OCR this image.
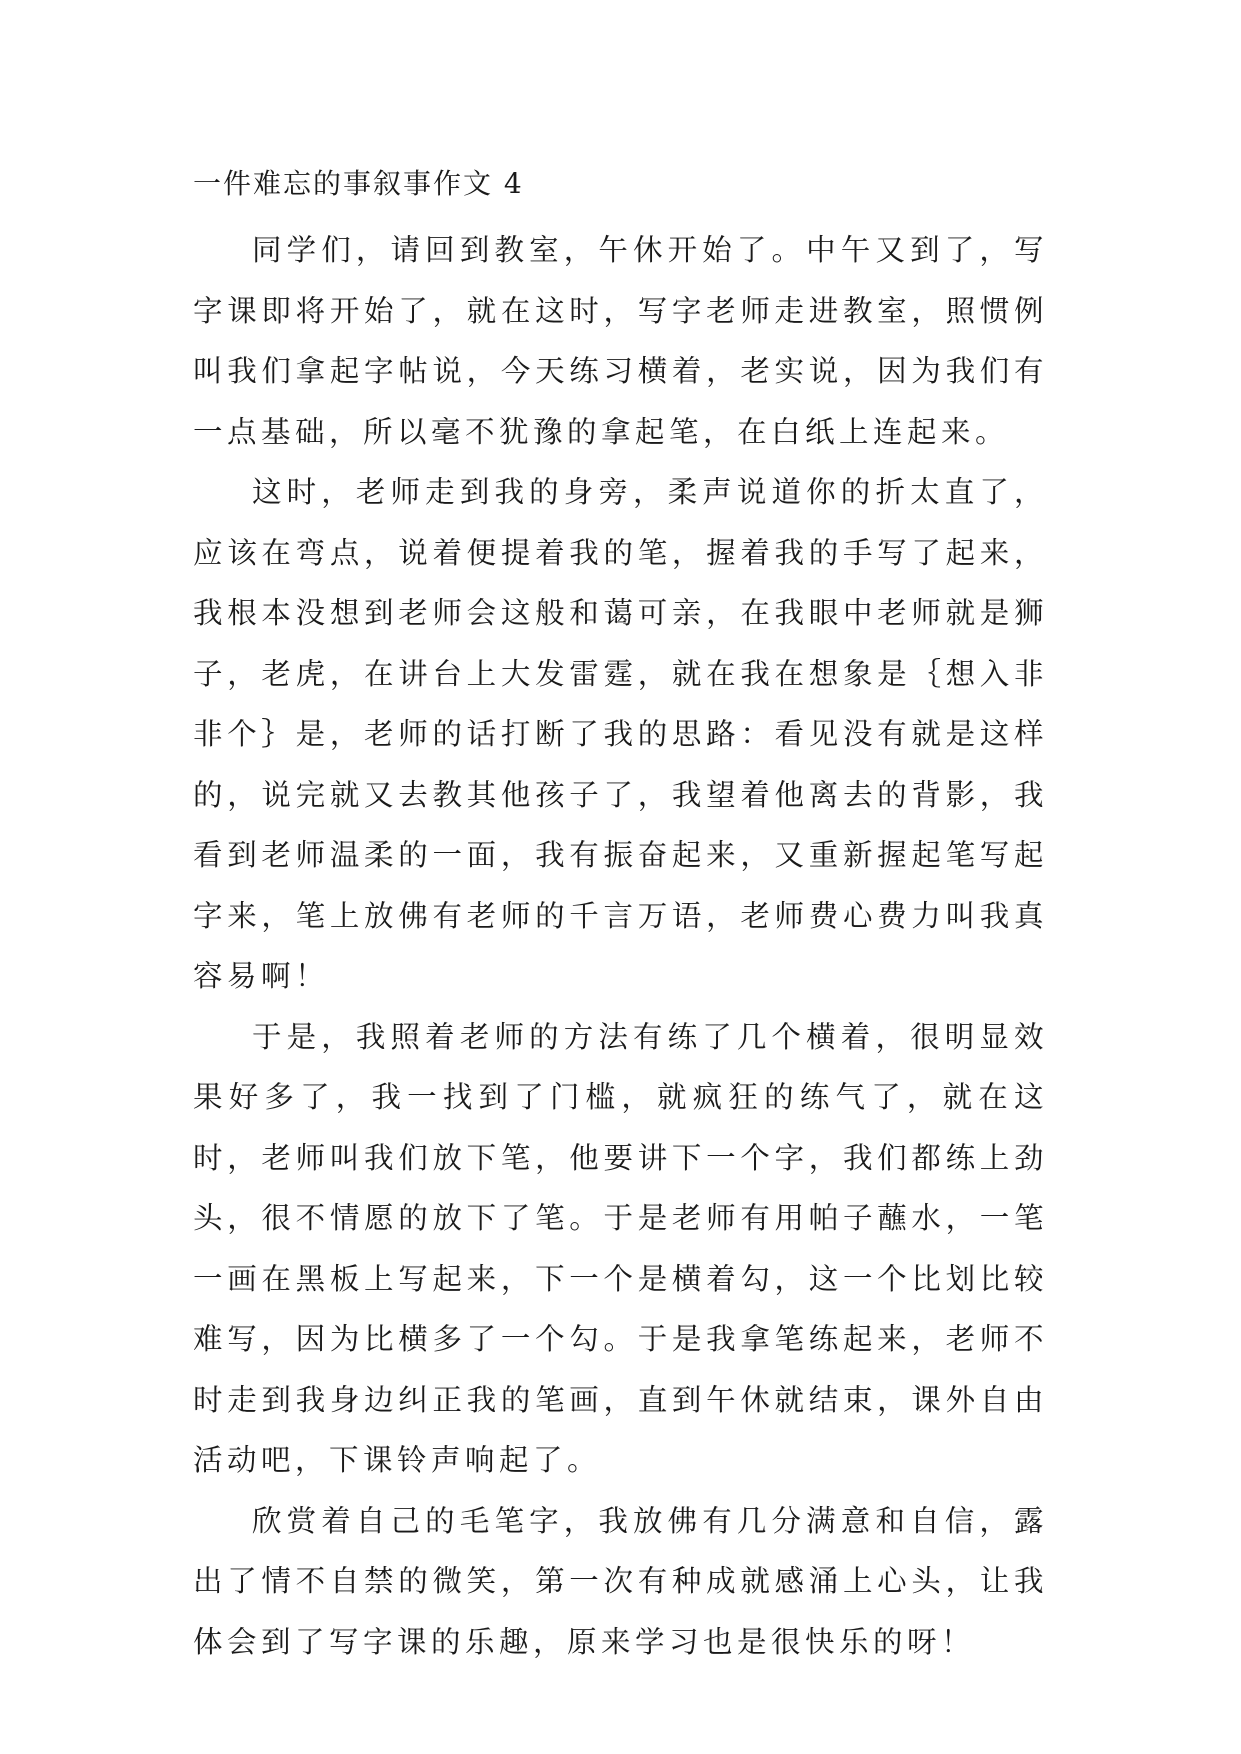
一件难忘的事叙事作文 4

同学们，请回到教室，午休开始了。中午又到了，写字课即将开始了，就在这时，写字老师走进教室，照惯例叫我们拿起字帖说，今天练习横着，老实说，因为我们有一点基础，所以毫不犹豫的拿起笔，在白纸上连起来。

这时，老师走到我的身旁，柔声说道你的折太直了，应该在弯点，说着便提着我的笔，握着我的手写了起来，我根本没想到老师会这般和蔼可亲，在我眼中老师就是狮子，老虎，在讲台上大发雷霆，就在我在想象是｛想入非非个｝是，老师的话打断了我的思路：看见没有就是这样的，说完就又去教其他孩子了，我望着他离去的背影，我看到老师温柔的一面，我有振奋起来，又重新握起笔写起字来，笔上放佛有老师的千言万语，老师费心费力叫我真容易啊！

于是，我照着老师的方法有练了几个横着，很明显效果好多了，我一找到了门槛，就疯狂的练气了，就在这时，老师叫我们放下笔，他要讲下一个字，我们都练上劲头，很不情愿的放下了笔。于是老师有用帕子蘸水，一笔一画在黑板上写起来，下一个是横着勾，这一个比划比较难写，因为比横多了一个勾。于是我拿笔练起来，老师不时走到我身边纠正我的笔画，直到午休就结束，课外自由活动吧，下课铃声响起了。

欣赏着自己的毛笔字，我放佛有几分满意和自信，露出了情不自禁的微笑，第一次有种成就感涌上心头，让我体会到了写字课的乐趣，原来学习也是很快乐的呀！
